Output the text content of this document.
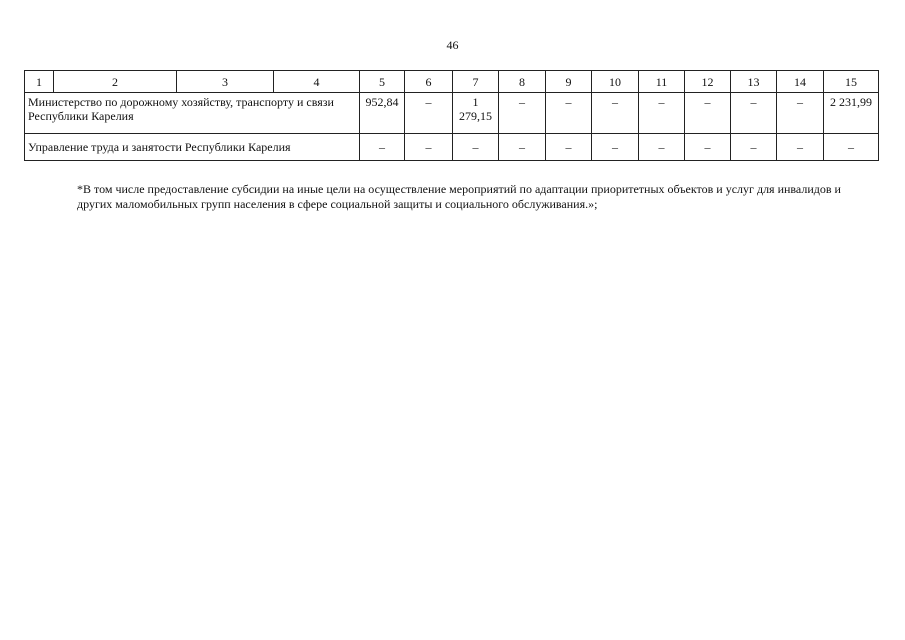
46
1	2	3	4	5	6	7	8	9	10	11	12	13	14	15
Министерство по дорожному хозяйству, транспорту и связи Республики Карелия				952,84	–	1 279,15	–	–	–	–	–	–	–	2 231,99
Управление труда и занятости Республики Карелия				–	–	–	–	–	–	–	–	–	–	–
*В том числе предоставление субсидии на иные цели на осуществление мероприятий по адаптации приоритетных объектов и услуг для инвалидов и других маломобильных групп населения в сфере социальной защиты и социального обслуживания.»;
